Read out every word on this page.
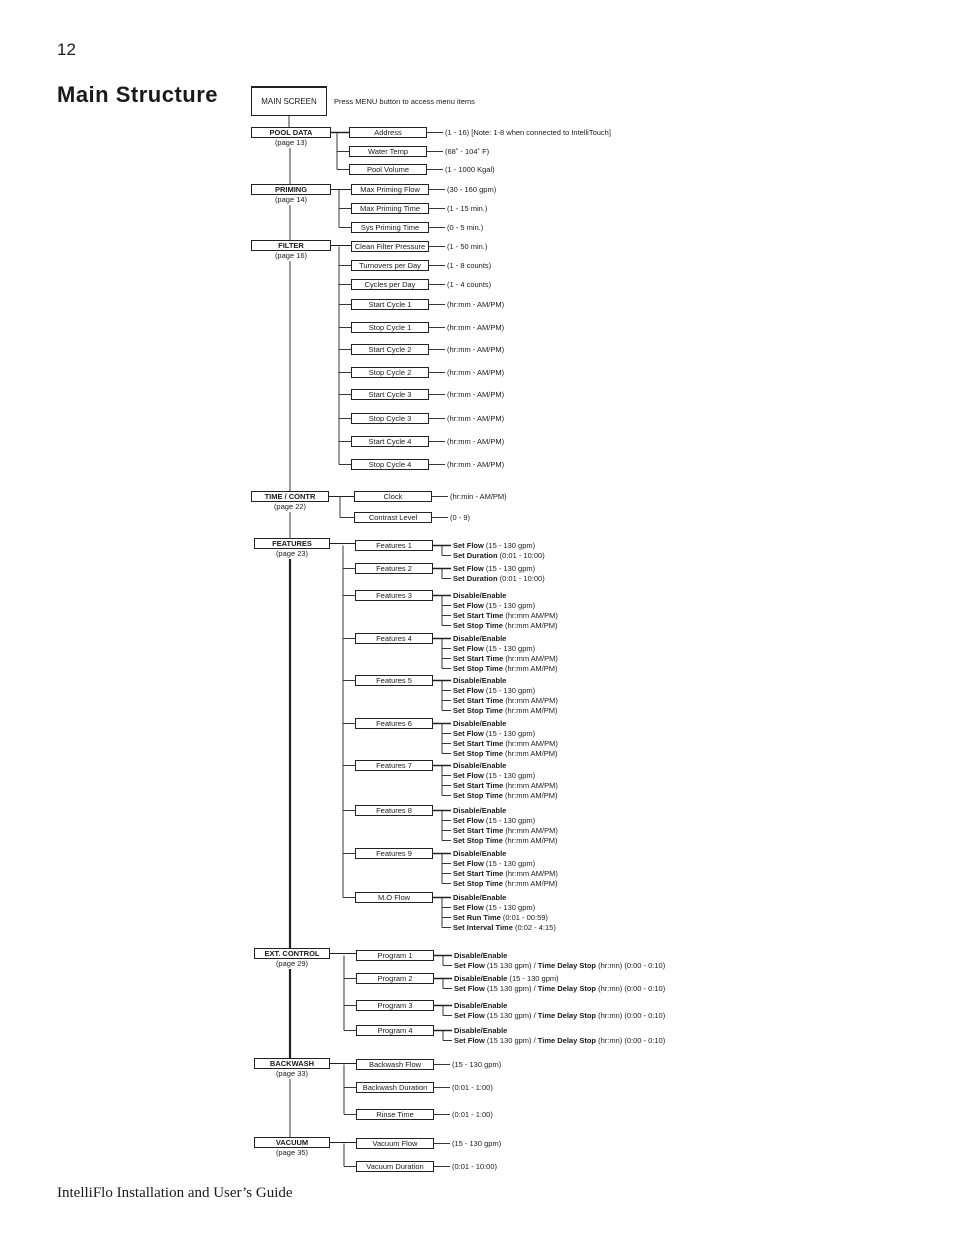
12
Main Structure	MAIN SCREEN	Press MENU button to access menu items
POOL DATA
(page 13)
Address	(1 - 16) [Note: 1-8 when connected to IntelliTouch]
Water Temp	(68˚ - 104˚ F)
Pool Volume	(1 - 1000 Kgal)
PRIMING
(page 14)
Max Priming Flow	(30 - 160 gpm)
Max Priming Time	(1 - 15 min.)
Sys Priming Time	(0 - 5 min.)
FILTER
(page 16)
Clean Filter Pressure	(1 - 50 min.)
Turnovers per Day	(1 - 8 counts)
Cycles per Day	(1 - 4 counts)
Start Cycle 1	(hr:mm - AM/PM)
Stop Cycle 1	(hr:mm - AM/PM)
Start Cycle 2	(hr:mm - AM/PM)
Stop Cycle 2	(hr:mm - AM/PM)
Start Cycle 3	(hr:mm - AM/PM)
Stop Cycle 3	(hr:mm - AM/PM)
Start Cycle 4	(hr:mm - AM/PM)
Stop Cycle 4	(hr:mm - AM/PM)
TIME / CONTR
(page 22)
Clock	(hr:min - AM/PM)
Contrast Level	(0 - 9)
FEATURES
(page 23)
Features 1	Set Flow (15 - 130 gpm)
Set Duration (0:01 - 10:00)
Features 2	Set Flow (15 - 130 gpm)
Set Duration (0:01 - 10:00)
Features 3	Disable/Enable
Set Flow (15 - 130 gpm)
Set Start Time (hr:mm AM/PM)
Set Stop Time (hr:mm AM/PM)
Features 4	Disable/Enable
Set Flow (15 - 130 gpm)
Set Start Time (hr:mm AM/PM)
Set Stop Time (hr:mm AM/PM)
Features 5	Disable/Enable
Set Flow (15 - 130 gpm)
Set Start Time (hr:mm AM/PM)
Set Stop Time (hr:mm AM/PM)
Features 6	Disable/Enable
Set Flow (15 - 130 gpm)
Set Start Time (hr:mm AM/PM)
Set Stop Time (hr:mm AM/PM)
Features 7	Disable/Enable
Set Flow (15 - 130 gpm)
Set Start Time (hr:mm AM/PM)
Set Stop Time (hr:mm AM/PM)
Features 8	Disable/Enable
Set Flow (15 - 130 gpm)
Set Start Time (hr:mm AM/PM)
Set Stop Time (hr:mm AM/PM)
Features 9	Disable/Enable
Set Flow (15 - 130 gpm)
Set Start Time (hr:mm AM/PM)
Set Stop Time (hr:mm AM/PM)
M.O Flow	Disable/Enable
Set Flow (15 - 130 gpm)
Set Run Time (0:01 - 00:59)
Set Interval Time (0:02 - 4:15)
EXT. CONTROL
(page 29)
Program 1	Disable/Enable
Set Flow (15 130 gpm) / Time Delay Stop (hr:mn) (0:00 - 0:10)
Program 2	Disable/Enable (15 - 130 gpm)
Set Flow (15 130 gpm) / Time Delay Stop (hr:mn) (0:00 - 0:10)
Program 3	Disable/Enable
Set Flow (15 130 gpm) / Time Delay Stop (hr:mn) (0:00 - 0:10)
Program 4	Disable/Enable
Set Flow (15 130 gpm) / Time Delay Stop (hr:mn) (0:00 - 0:10)
BACKWASH
(page 33)
Backwash Flow	(15 - 130 gpm)
Backwash Duration	(0:01 - 1:00)
Rinse Time	(0:01 - 1:00)
VACUUM
(page 35)
Vacuum Flow	(15 - 130 gpm)
Vacuum Duration	(0:01 - 10:00)
IntelliFlo Installation and User’s Guide
